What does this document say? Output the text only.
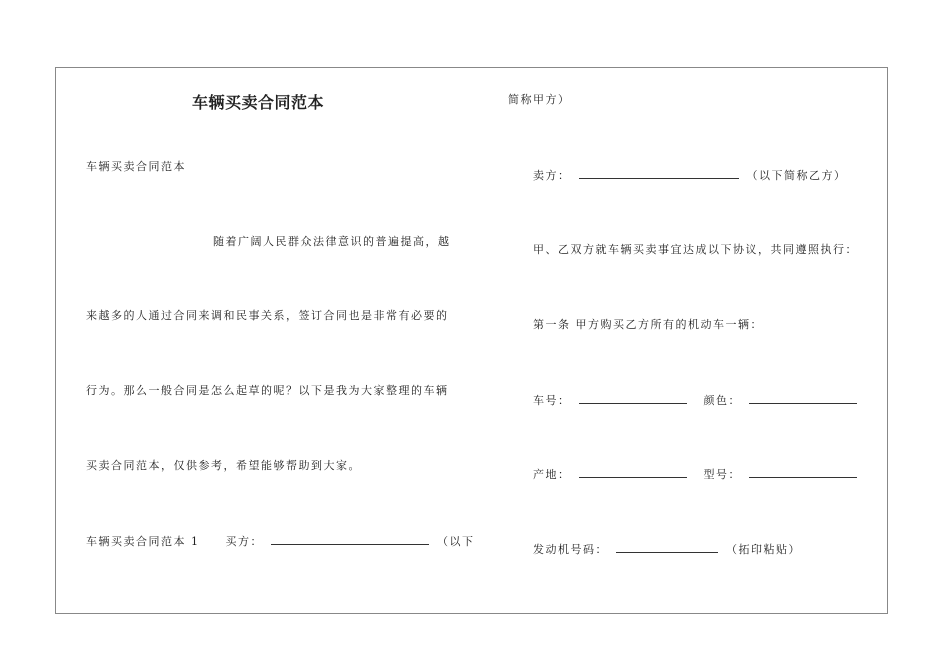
车辆买卖合同范本
车辆买卖合同范本
随着广阔人民群众法律意识的普遍提高，越
来越多的人通过合同来调和民事关系，签订合同也是非常有必要的
行为。那么一般合同是怎么起草的呢？以下是我为大家整理的车辆
买卖合同范本，仅供参考，希望能够帮助到大家。
车辆买卖合同范本 1 买方：	（以下
简称甲方）
卖方：	（以下简称乙方）
甲、乙双方就车辆买卖事宜达成以下协议，共同遵照执行：
第一条 甲方购买乙方所有的机动车一辆：
车号：	颜色：
产地：	型号：
发动机号码：	（拓印粘贴）
